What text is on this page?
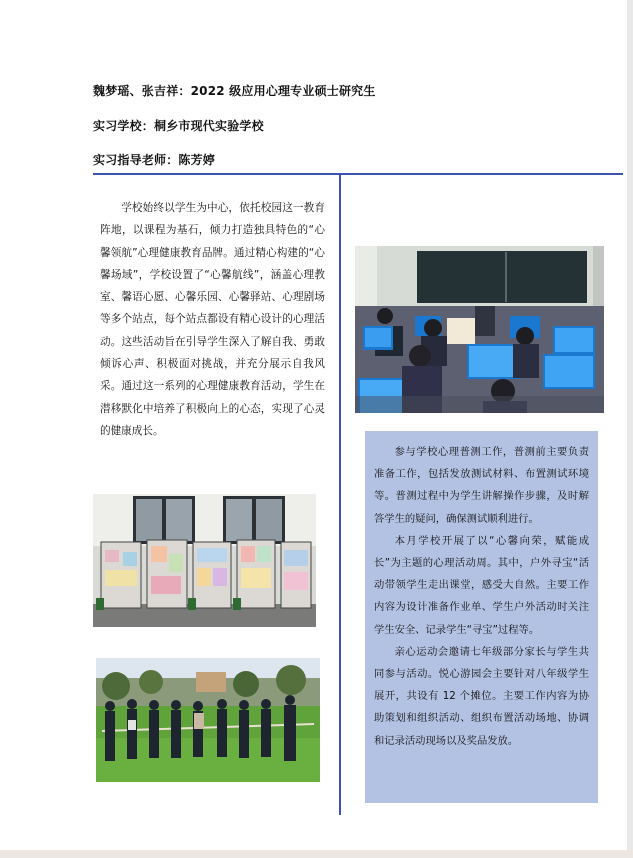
魏梦瑶、张吉祥：2022 级应用心理专业硕士研究生
实习学校：桐乡市现代实验学校
实习指导老师：陈芳婷
学校始终以学生为中心，依托校园这一教育阵地，以课程为基石，倾力打造独具特色的“心馨领航”心理健康教育品牌。通过精心构建的“心馨场域”，学校设置了“心馨航线”，涵盖心理教室、馨语心愿、心馨乐园、心馨驿站、心理剧场等多个站点，每个站点都设有精心设计的心理活动。这些活动旨在引导学生深入了解自我、勇敢倾诉心声、积极面对挑战，并充分展示自我风采。通过这一系列的心理健康教育活动，学生在潜移默化中培养了积极向上的心态，实现了心灵的健康成长。

参与学校心理普测工作，普测前主要负责准备工作，包括发放测试材料、布置测试环境等。普测过程中为学生讲解操作步骤，及时解答学生的疑问，确保测试顺利进行。

本月学校开展了以“心馨向荣，赋能成长”为主题的心理活动周。其中，户外寻宝“活动带领学生走出课堂，感受大自然。主要工作内容为设计准备作业单、学生户外活动时关注学生安全、记录学生“寻宝”过程等。

亲心运动会邀请七年级部分家长与学生共同参与活动。悦心游园会主要针对八年级学生展开，共设有 12 个摊位。主要工作内容为协助策划和组织活动、组织布置活动场地、协调和记录活动现场以及奖品发放。
